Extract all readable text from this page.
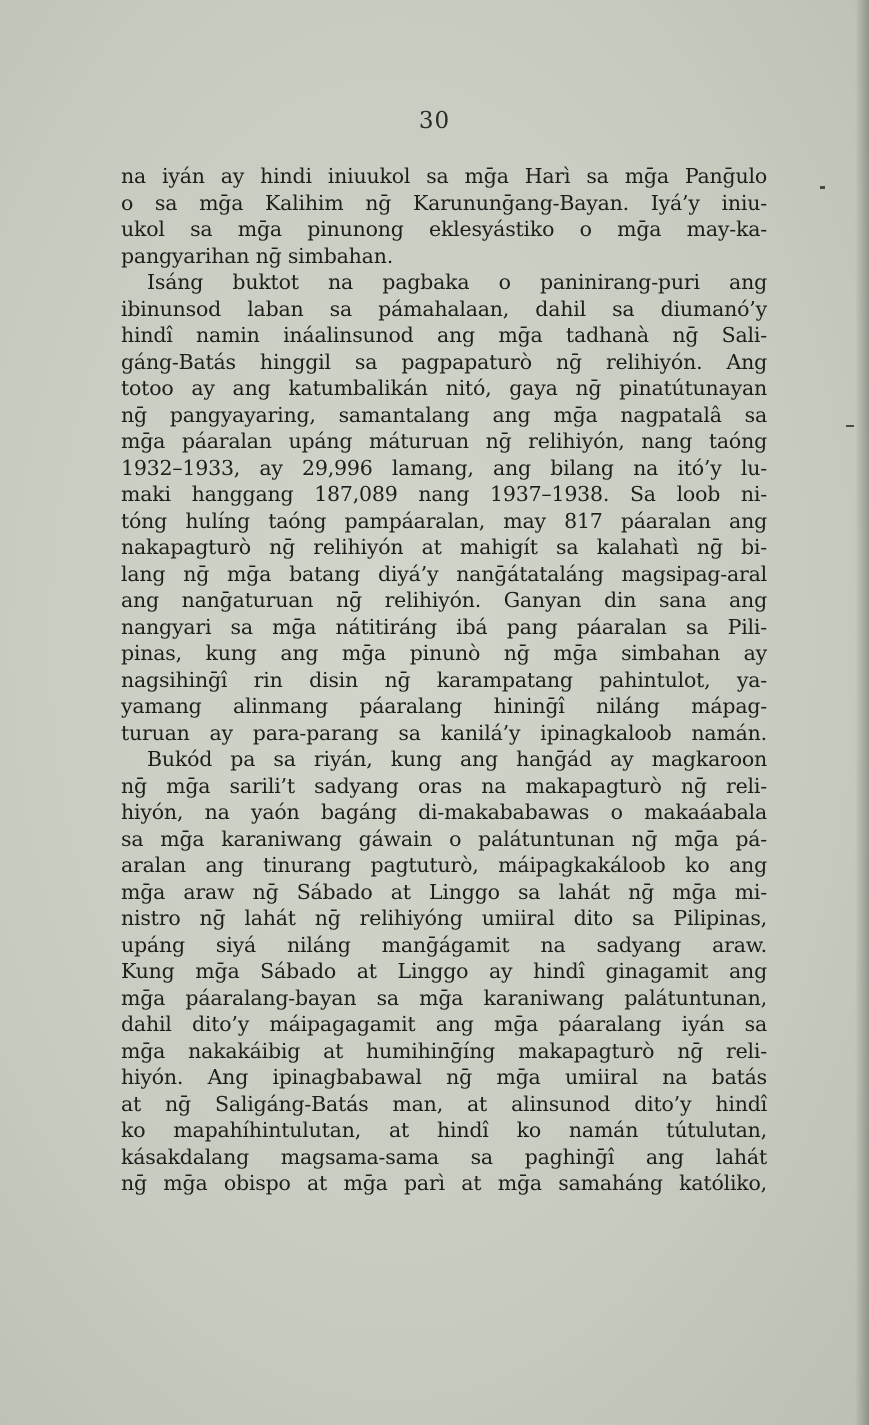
30
na iyán ay hindi iniuukol sa mḡa Harì sa mḡa Panḡulo
o sa mḡa Kalihim nḡ Karununḡang-Bayan. Iyá’y iniu-
ukol sa mḡa pinunong eklesyástiko o mḡa may-ka-
pangyarihan nḡ simbahan.
Isáng buktot na pagbaka o paninirang-puri ang
ibinunsod laban sa pámahalaan, dahil sa diumanó’y
hindî namin ináalinsunod ang mḡa tadhanà nḡ Sali-
gáng-Batás hinggil sa pagpapaturò nḡ relihiyón. Ang
totoo ay ang katumbalikán nitó, gaya nḡ pinatútunayan
nḡ pangyayaring, samantalang ang mḡa nagpatalâ sa
mḡa páaralan upáng máturuan nḡ relihiyón, nang taóng
1932–1933, ay 29,996 lamang, ang bilang na itó’y lu-
maki hanggang 187,089 nang 1937–1938. Sa loob ni-
tóng hulíng taóng pampáaralan, may 817 páaralan ang
nakapagturò nḡ relihiyón at mahigít sa kalahatì nḡ bi-
lang nḡ mḡa batang diyá’y nanḡátataláng magsipag-aral
ang nanḡaturuan nḡ relihiyón. Ganyan din sana ang
nangyari sa mḡa nátitiráng ibá pang páaralan sa Pili-
pinas, kung ang mḡa pinunò nḡ mḡa simbahan ay
nagsihinḡî rin disin nḡ karampatang pahintulot, ya-
yamang alinmang páaralang hininḡî niláng mápag-
turuan ay para-parang sa kanilá’y ipinagkaloob namán.
Bukód pa sa riyán, kung ang hanḡád ay magkaroon
nḡ mḡa sarili’t sadyang oras na makapagturò nḡ reli-
hiyón, na yaón bagáng di-makababawas o makaáabala
sa mḡa karaniwang gáwain o palátuntunan nḡ mḡa pá-
aralan ang tinurang pagtuturò, máipagkakáloob ko ang
mḡa araw nḡ Sábado at Linggo sa lahát nḡ mḡa mi-
nistro nḡ lahát nḡ relihiyóng umiiral dito sa Pilipinas,
upáng siyá niláng manḡágamit na sadyang araw.
Kung mḡa Sábado at Linggo ay hindî ginagamit ang
mḡa páaralang-bayan sa mḡa karaniwang palátuntunan,
dahil dito’y máipagagamit ang mḡa páaralang iyán sa
mḡa nakakáibig at humihinḡíng makapagturò nḡ reli-
hiyón. Ang ipinagbabawal nḡ mḡa umiiral na batás
at nḡ Saligáng-Batás man, at alinsunod dito’y hindî
ko mapahíhintulutan, at hindî ko namán tútulutan,
kásakdalang magsama-sama sa paghinḡî ang lahát
nḡ mḡa obispo at mḡa parì at mḡa samaháng katóliko,
